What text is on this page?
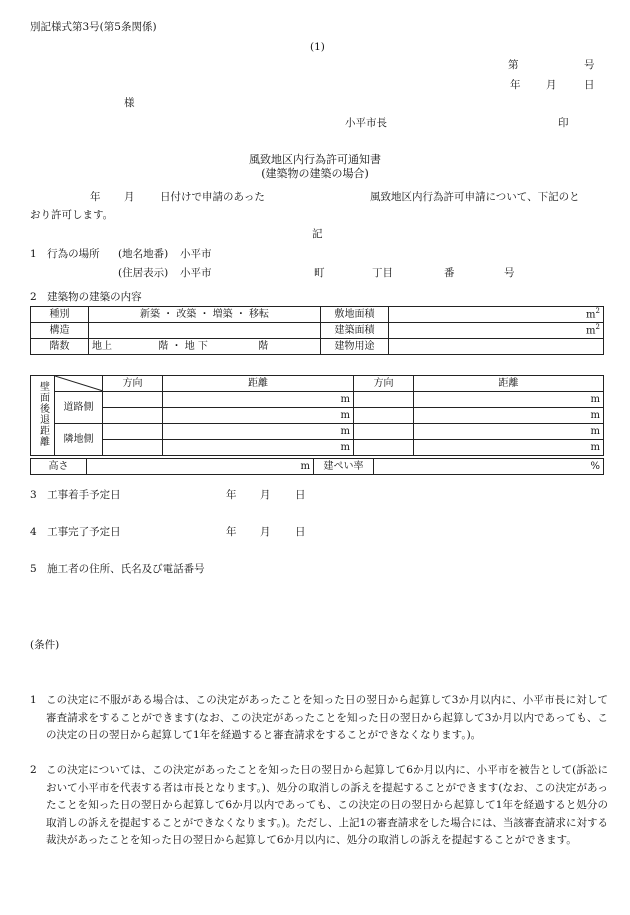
別記様式第3号(第5条関係)
(1)
第	号
年 月	日
様
小平市長	印
風致地区内行為許可通知書
(建築物の建築の場合)
年 月 日付けで申請のあった	風致地区内行為許可申請について、下記のと
おり許可します。
記
1　行為の場所 (地名地番) 小平市
(住居表示) 小平市	町	丁目	番	号
2　建築物の建築の内容
種別	新築 ・ 改築 ・ 増築 ・ 移転	敷地面積	$m^2$
構造		建築面積	$m^2$
階数	地上 階 ・ 地 下 階	建物用途	
壁面後退距離		方向	距離	方向	距離
	道路側		m		m
			m		m
	隣地側		m		m
			m		m
高さ	m	建ぺい率	%
3　工事着手予定日	年 月 日
4　工事完了予定日	年 月 日
5　施工者の住所、氏名及び電話番号
(条件)
1 この決定に不服がある場合は、この決定があったことを知った日の翌日から起算して3か月以内に、小平市長に対して審査請求をすることができます(なお、この決定があったことを知った日の翌日から起算して3か月以内であっても、この決定の日の翌日から起算して1年を経過すると審査請求をすることができなくなります。)。
2 この決定については、この決定があったことを知った日の翌日から起算して6か月以内に、小平市を被告として(訴訟において小平市を代表する者は市長となります。)、処分の取消しの訴えを提起することができます(なお、この決定があったことを知った日の翌日から起算して6か月以内であっても、この決定の日の翌日から起算して1年を経過すると処分の取消しの訴えを提起することができなくなります。)。ただし、上記1の審査請求をした場合には、当該審査請求に対する裁決があったことを知った日の翌日から起算して6か月以内に、処分の取消しの訴えを提起することができます。
